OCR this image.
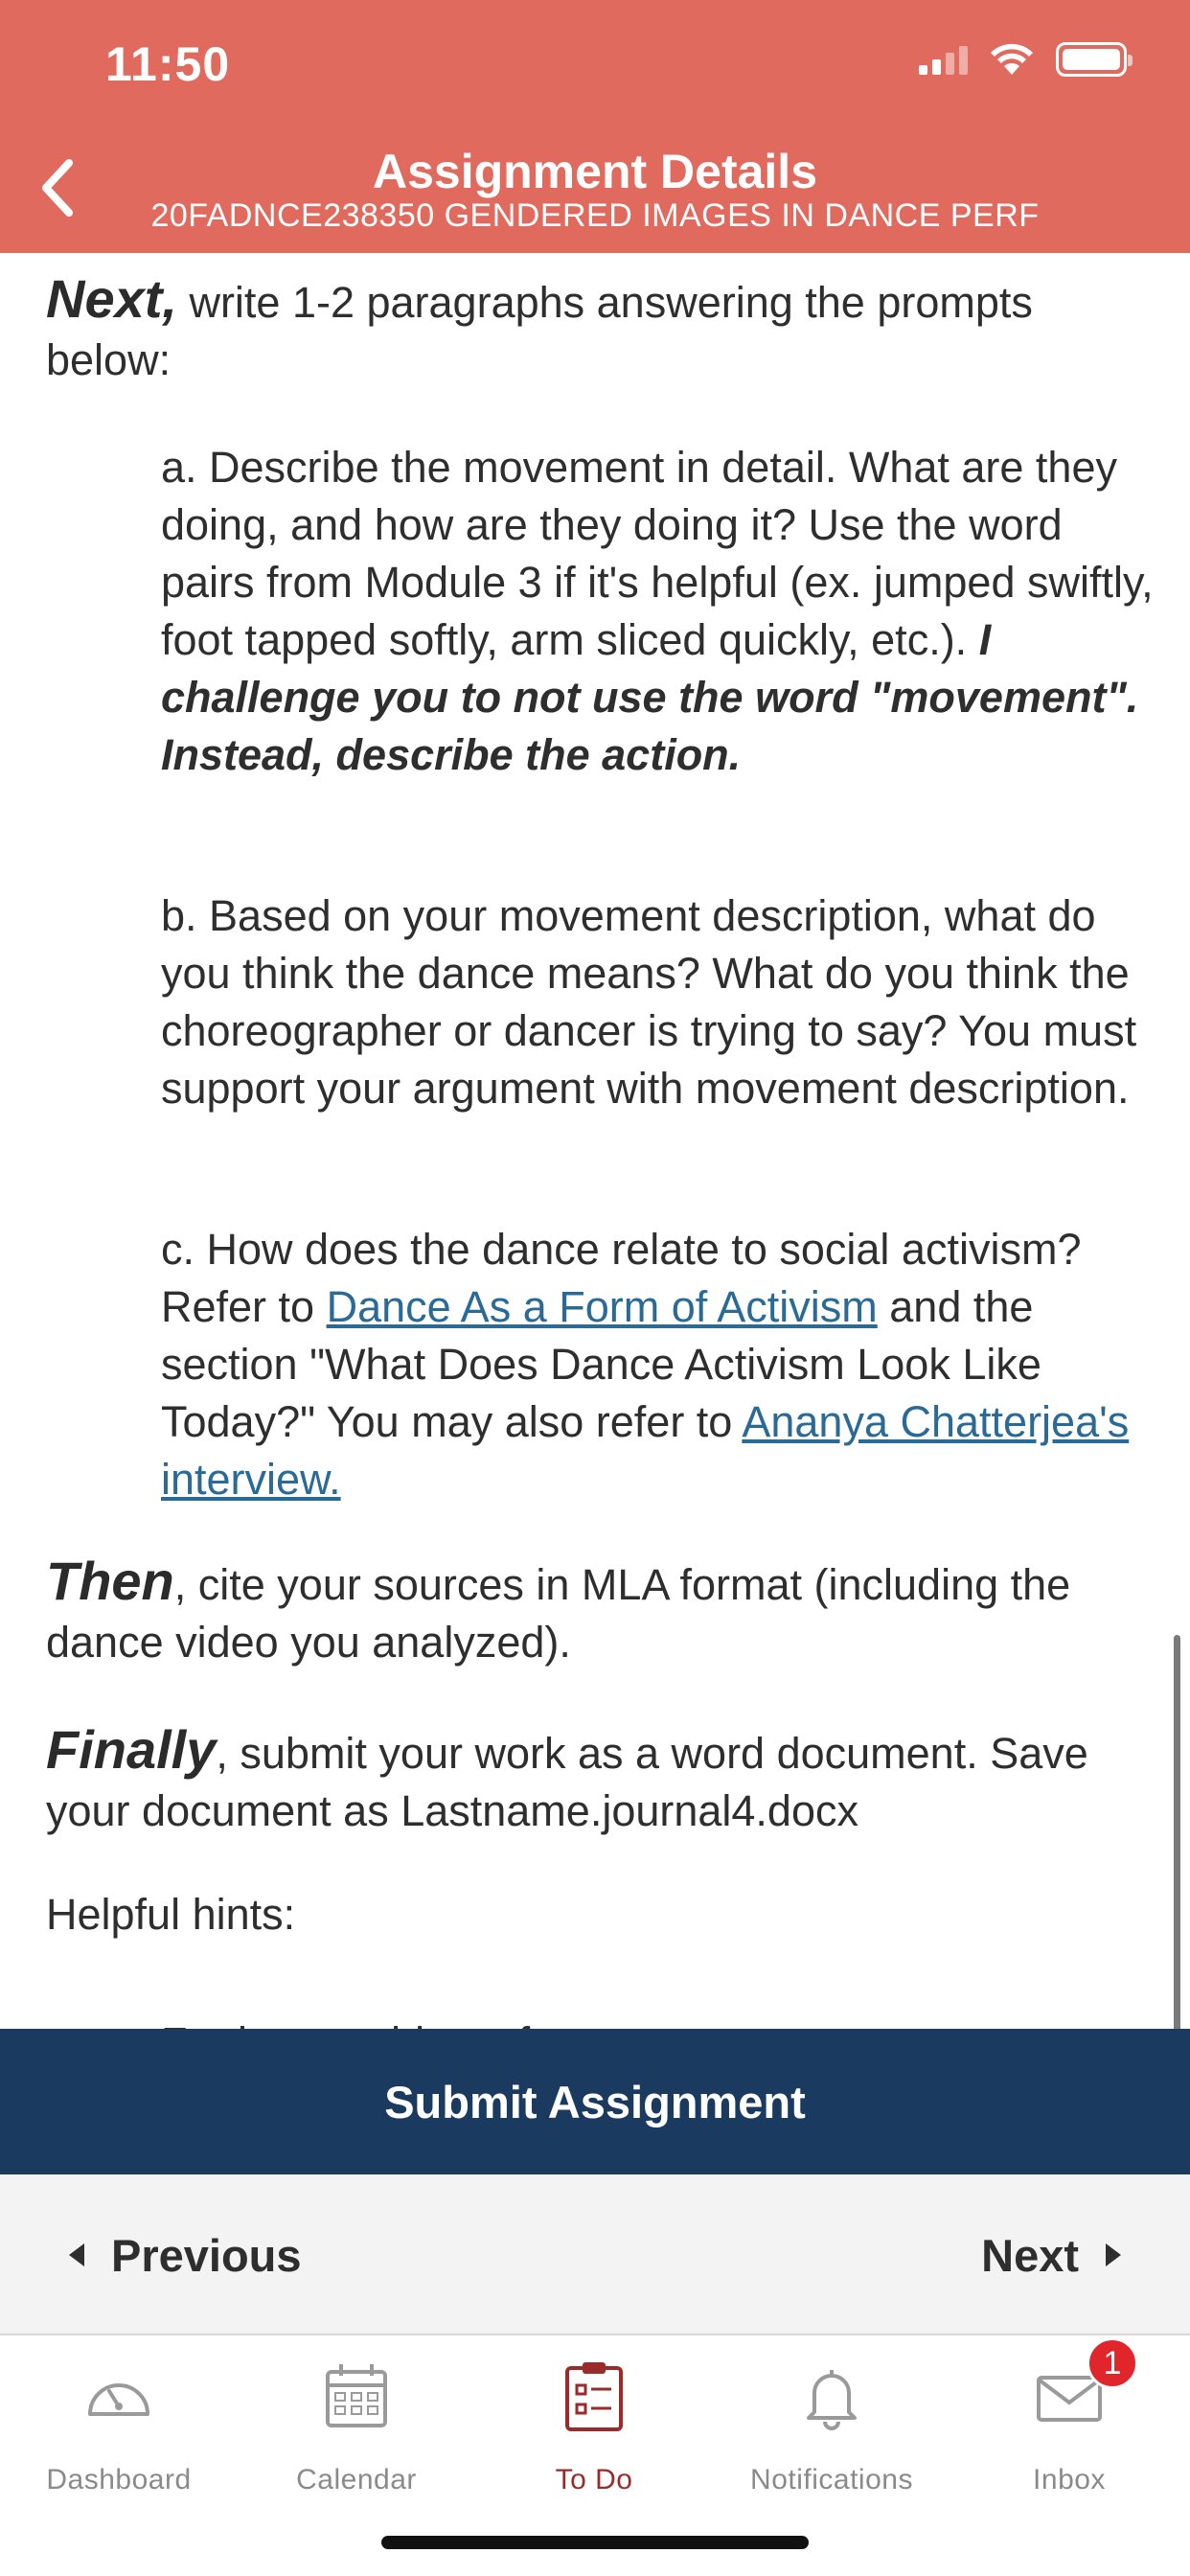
11:50
Assignment Details
20FADNCE238350 GENDERED IMAGES IN DANCE PERF
Next, write 1-2 paragraphs answering the prompts below:
a. Describe the movement in detail. What are they doing, and how are they doing it? Use the word pairs from Module 3 if it's helpful (ex. jumped swiftly, foot tapped softly, arm sliced quickly, etc.). I challenge you to not use the word "movement". Instead, describe the action.
b. Based on your movement description, what do you think the dance means? What do you think the choreographer or dancer is trying to say? You must support your argument with movement description.
c. How does the dance relate to social activism? Refer to Dance As a Form of Activism and the section "What Does Dance Activism Look Like Today?" You may also refer to Ananya Chatterjea's interview.
Then, cite your sources in MLA format (including the dance video you analyzed).
Finally, submit your work as a word document. Save your document as Lastname.journal4.docx
Helpful hints:
Submit Assignment
Previous	Next
Dashboard	Calendar	To Do	Notifications
1
Inbox
